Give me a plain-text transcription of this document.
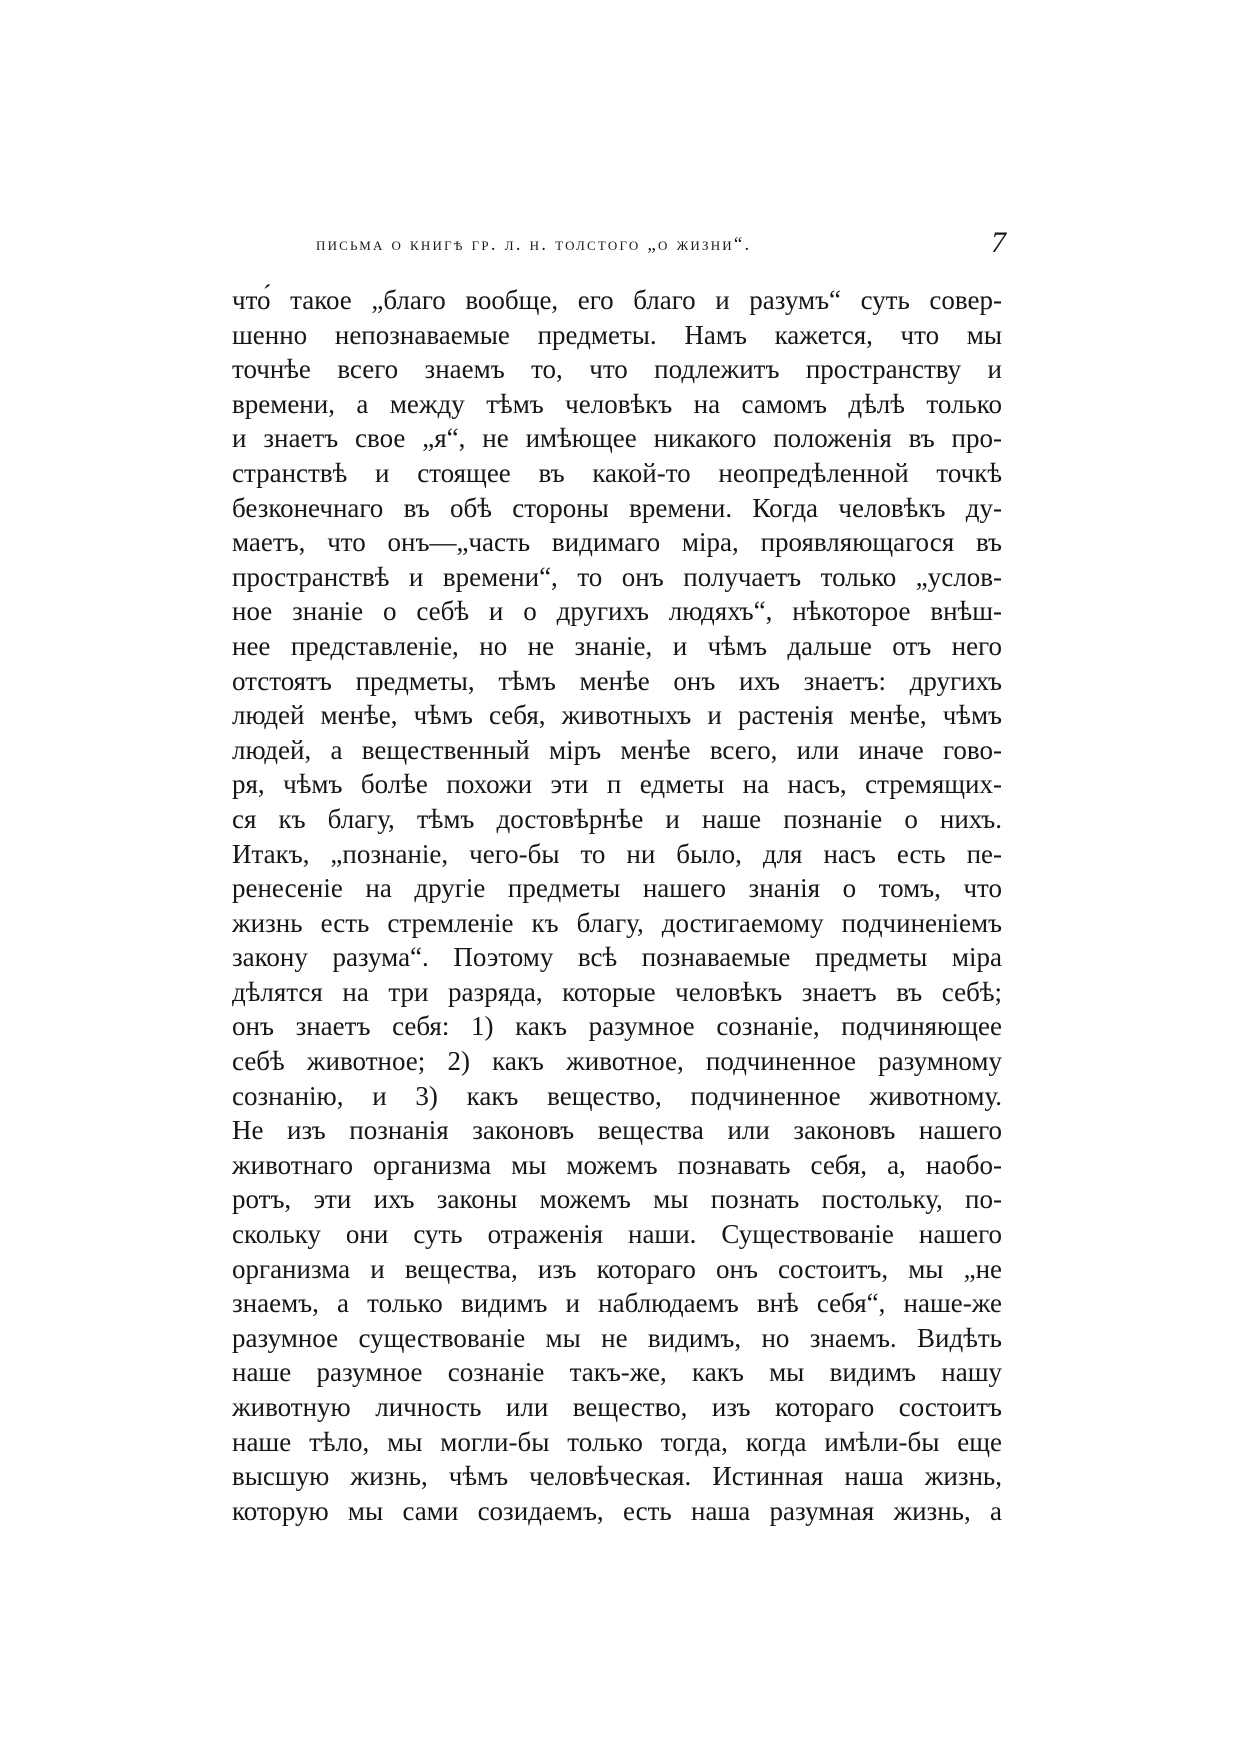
письма о книгѣ гр. л. н. толстого „о жизни“.	7
что́ такое „благо вообще, его благо и разумъ“ суть совер-
шенно непознаваемые предметы. Намъ кажется, что мы
точнѣе всего знаемъ то, что подлежитъ пространству и
времени, а между тѣмъ человѣкъ на самомъ дѣлѣ только
и знаетъ свое „я“, не имѣющее никакого положенія въ про-
странствѣ и стоящее въ какой-то неопредѣленной точкѣ
безконечнаго въ обѣ стороны времени. Когда человѣкъ ду-
маетъ, что онъ—„часть видимаго міра, проявляющагося въ
пространствѣ и времени“, то онъ получаетъ только „услов-
ное знаніе о себѣ и о другихъ людяхъ“, нѣкоторое внѣш-
нее представленіе, но не знаніе, и чѣмъ дальше отъ него
отстоятъ предметы, тѣмъ менѣе онъ ихъ знаетъ: другихъ
людей менѣе, чѣмъ себя, животныхъ и растенія менѣе, чѣмъ
людей, а вещественный міръ менѣе всего, или иначе гово-
ря, чѣмъ болѣе похожи эти п едметы на насъ, стремящих-
ся къ благу, тѣмъ достовѣрнѣе и наше познаніе о нихъ.
Итакъ, „познаніе, чего-бы то ни было, для насъ есть пе-
ренесеніе на другіе предметы нашего знанія о томъ, что
жизнь есть стремленіе къ благу, достигаемому подчиненіемъ
закону разума“. Поэтому всѣ познаваемые предметы міра
дѣлятся на три разряда, которые человѣкъ знаетъ въ себѣ;
онъ знаетъ себя: 1) какъ разумное сознаніе, подчиняющее
себѣ животное; 2) какъ животное, подчиненное разумному
сознанію, и 3) какъ вещество, подчиненное животному.
Не изъ познанія законовъ вещества или законовъ нашего
животнаго организма мы можемъ познавать себя, а, наобо-
ротъ, эти ихъ законы можемъ мы познать постольку, по-
скольку они суть отраженія наши. Существованіе нашего
организма и вещества, изъ котораго онъ состоитъ, мы „не
знаемъ, а только видимъ и наблюдаемъ внѣ себя“, наше-же
разумное существованіе мы не видимъ, но знаемъ. Видѣть
наше разумное сознаніе такъ-же, какъ мы видимъ нашу
животную личность или вещество, изъ котораго состоитъ
наше тѣло, мы могли-бы только тогда, когда имѣли-бы еще
высшую жизнь, чѣмъ человѣческая. Истинная наша жизнь,
которую мы сами созидаемъ, есть наша разумная жизнь, а
